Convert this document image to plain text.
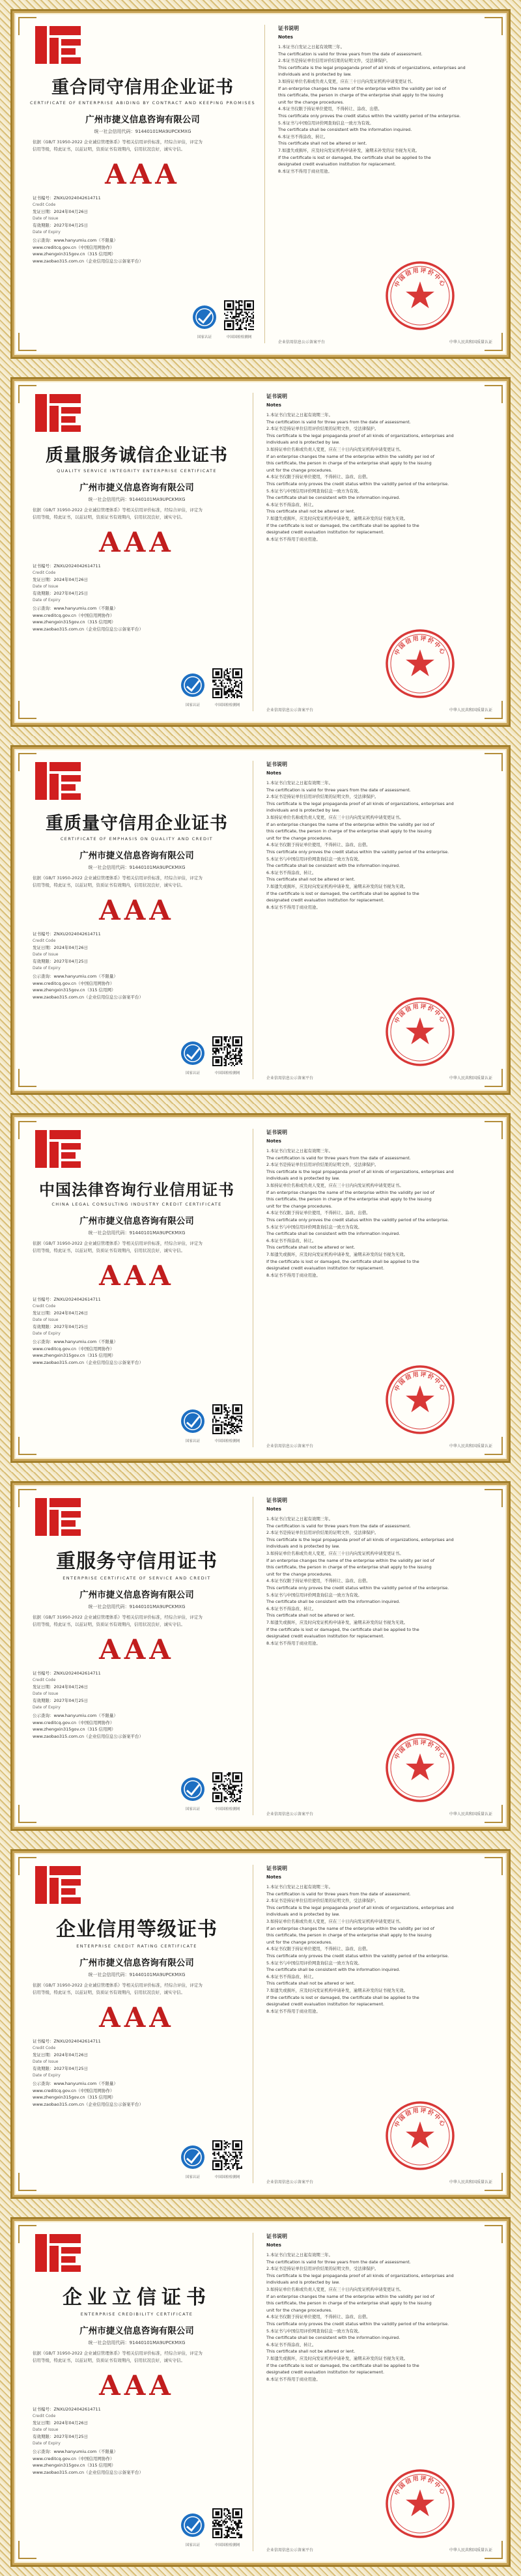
重合同守信用企业证书
CERTIFICATE OF ENTERPRISE ABIDING BY CONTRACT AND KEEPING PROMISES
广州市捷义信息咨询有限公司
统一社会信用代码：91440101MA9UPCKMXG
依据《GB/T 31950-2022 企业诚信管理体系》等相关信用评价标准，经综合评估，评定为
信用等级，特此证书，以兹证明，资质证书有效期内，信用状况良好，诚实守信。
AAA
证书编号：ZNXU2024042614711
Credit Code
发证日期：2024年04月26日
Date of Issue
有效期限：2027年04月25日
Date of Expiry
公示查询：www.hanyumiu.com（不限量）
www.creditcq.gov.cn（中国信用网协作）
www.zhengxin315gov.cn（315 信用网）
www.zaobao315.com.cn（企业信用信息公示备案平台）
国家认证	中国国检检测网
证书说明
Notes
1.本证书自发证之日起有效期三年。
The certification is valid for three years from the date of assessment.
2.本证书是持证单位信用评价结果的证明文件，受法律保护。
This certificate is the legal propaganda proof of all kinds of organizations, enterprises and
individuals and is protected by law.
3.如持证单位名称或负责人变更，应在三十日内向发证机构申请变更证书。
If an enterprise changes the name of the enterprise within the validity per iod of
this certificate, the person in charge of the enterprise shall apply to the issuing
unit for the change procedures.
4.本证书仅限于持证单位使用，不得转让、涂改、出借。
This certificate only proves the credit status within the validity period of the enterprise.
5.本证书与中国信用评价网查询信息一致方为有效。
The certificate shall be consistent with the information inquired.
6.本证书不得涂改、转让。
This certificate shall not be altered or lent.
7.如遗失或损坏，应及时向发证机构申请补发，逾期未补发的证书视为无效。
If the certificate is lost or damaged, the certificate shall be applied to the
designated credit evaluation institution for replacement.
8.本证书不得用于商业用途。
中国信用评价中心
企业信用信息公示备案平台	中华人民共和国质量认证
质量服务诚信企业证书
QUALITY SERVICE INTEGRITY ENTERPRISE CERTIFICATE
广州市捷义信息咨询有限公司
统一社会信用代码：91440101MA9UPCKMXG
依据《GB/T 31950-2022 企业诚信管理体系》等相关信用评价标准，经综合评估，评定为
信用等级，特此证书，以兹证明，资质证书有效期内，信用状况良好，诚实守信。
AAA
证书编号：ZNXU2024042614711
Credit Code
发证日期：2024年04月26日
Date of Issue
有效期限：2027年04月25日
Date of Expiry
公示查询：www.hanyumiu.com（不限量）
www.creditcq.gov.cn（中国信用网协作）
www.zhengxin315gov.cn（315 信用网）
www.zaobao315.com.cn（企业信用信息公示备案平台）
国家认证	中国国检检测网
证书说明
Notes
1.本证书自发证之日起有效期三年。
The certification is valid for three years from the date of assessment.
2.本证书是持证单位信用评价结果的证明文件，受法律保护。
This certificate is the legal propaganda proof of all kinds of organizations, enterprises and
individuals and is protected by law.
3.如持证单位名称或负责人变更，应在三十日内向发证机构申请变更证书。
If an enterprise changes the name of the enterprise within the validity per iod of
this certificate, the person in charge of the enterprise shall apply to the issuing
unit for the change procedures.
4.本证书仅限于持证单位使用，不得转让、涂改、出借。
This certificate only proves the credit status within the validity period of the enterprise.
5.本证书与中国信用评价网查询信息一致方为有效。
The certificate shall be consistent with the information inquired.
6.本证书不得涂改、转让。
This certificate shall not be altered or lent.
7.如遗失或损坏，应及时向发证机构申请补发，逾期未补发的证书视为无效。
If the certificate is lost or damaged, the certificate shall be applied to the
designated credit evaluation institution for replacement.
8.本证书不得用于商业用途。
中国信用评价中心
企业信用信息公示备案平台	中华人民共和国质量认证
重质量守信用企业证书
CERTIFICATE OF EMPHASIS ON QUALITY AND CREDIT
广州市捷义信息咨询有限公司
统一社会信用代码：91440101MA9UPCKMXG
依据《GB/T 31950-2022 企业诚信管理体系》等相关信用评价标准，经综合评估，评定为
信用等级，特此证书，以兹证明，资质证书有效期内，信用状况良好，诚实守信。
AAA
证书编号：ZNXU2024042614711
Credit Code
发证日期：2024年04月26日
Date of Issue
有效期限：2027年04月25日
Date of Expiry
公示查询：www.hanyumiu.com（不限量）
www.creditcq.gov.cn（中国信用网协作）
www.zhengxin315gov.cn（315 信用网）
www.zaobao315.com.cn（企业信用信息公示备案平台）
国家认证	中国国检检测网
证书说明
Notes
1.本证书自发证之日起有效期三年。
The certification is valid for three years from the date of assessment.
2.本证书是持证单位信用评价结果的证明文件，受法律保护。
This certificate is the legal propaganda proof of all kinds of organizations, enterprises and
individuals and is protected by law.
3.如持证单位名称或负责人变更，应在三十日内向发证机构申请变更证书。
If an enterprise changes the name of the enterprise within the validity per iod of
this certificate, the person in charge of the enterprise shall apply to the issuing
unit for the change procedures.
4.本证书仅限于持证单位使用，不得转让、涂改、出借。
This certificate only proves the credit status within the validity period of the enterprise.
5.本证书与中国信用评价网查询信息一致方为有效。
The certificate shall be consistent with the information inquired.
6.本证书不得涂改、转让。
This certificate shall not be altered or lent.
7.如遗失或损坏，应及时向发证机构申请补发，逾期未补发的证书视为无效。
If the certificate is lost or damaged, the certificate shall be applied to the
designated credit evaluation institution for replacement.
8.本证书不得用于商业用途。
中国信用评价中心
企业信用信息公示备案平台	中华人民共和国质量认证
中国法律咨询行业信用证书
CHINA LEGAL CONSULTING INDUSTRY CREDIT CERTIFICATE
广州市捷义信息咨询有限公司
统一社会信用代码：91440101MA9UPCKMXG
依据《GB/T 31950-2022 企业诚信管理体系》等相关信用评价标准，经综合评估，评定为
信用等级，特此证书，以兹证明，资质证书有效期内，信用状况良好，诚实守信。
AAA
证书编号：ZNXU2024042614711
Credit Code
发证日期：2024年04月26日
Date of Issue
有效期限：2027年04月25日
Date of Expiry
公示查询：www.hanyumiu.com（不限量）
www.creditcq.gov.cn（中国信用网协作）
www.zhengxin315gov.cn（315 信用网）
www.zaobao315.com.cn（企业信用信息公示备案平台）
国家认证	中国国检检测网
证书说明
Notes
1.本证书自发证之日起有效期三年。
The certification is valid for three years from the date of assessment.
2.本证书是持证单位信用评价结果的证明文件，受法律保护。
This certificate is the legal propaganda proof of all kinds of organizations, enterprises and
individuals and is protected by law.
3.如持证单位名称或负责人变更，应在三十日内向发证机构申请变更证书。
If an enterprise changes the name of the enterprise within the validity per iod of
this certificate, the person in charge of the enterprise shall apply to the issuing
unit for the change procedures.
4.本证书仅限于持证单位使用，不得转让、涂改、出借。
This certificate only proves the credit status within the validity period of the enterprise.
5.本证书与中国信用评价网查询信息一致方为有效。
The certificate shall be consistent with the information inquired.
6.本证书不得涂改、转让。
This certificate shall not be altered or lent.
7.如遗失或损坏，应及时向发证机构申请补发，逾期未补发的证书视为无效。
If the certificate is lost or damaged, the certificate shall be applied to the
designated credit evaluation institution for replacement.
8.本证书不得用于商业用途。
中国信用评价中心
企业信用信息公示备案平台	中华人民共和国质量认证
重服务守信用证书
ENTERPRISE CERTIFICATE OF SERVICE AND CREDIT
广州市捷义信息咨询有限公司
统一社会信用代码：91440101MA9UPCKMXG
依据《GB/T 31950-2022 企业诚信管理体系》等相关信用评价标准，经综合评估，评定为
信用等级，特此证书，以兹证明，资质证书有效期内，信用状况良好，诚实守信。
AAA
证书编号：ZNXU2024042614711
Credit Code
发证日期：2024年04月26日
Date of Issue
有效期限：2027年04月25日
Date of Expiry
公示查询：www.hanyumiu.com（不限量）
www.creditcq.gov.cn（中国信用网协作）
www.zhengxin315gov.cn（315 信用网）
www.zaobao315.com.cn（企业信用信息公示备案平台）
国家认证	中国国检检测网
证书说明
Notes
1.本证书自发证之日起有效期三年。
The certification is valid for three years from the date of assessment.
2.本证书是持证单位信用评价结果的证明文件，受法律保护。
This certificate is the legal propaganda proof of all kinds of organizations, enterprises and
individuals and is protected by law.
3.如持证单位名称或负责人变更，应在三十日内向发证机构申请变更证书。
If an enterprise changes the name of the enterprise within the validity per iod of
this certificate, the person in charge of the enterprise shall apply to the issuing
unit for the change procedures.
4.本证书仅限于持证单位使用，不得转让、涂改、出借。
This certificate only proves the credit status within the validity period of the enterprise.
5.本证书与中国信用评价网查询信息一致方为有效。
The certificate shall be consistent with the information inquired.
6.本证书不得涂改、转让。
This certificate shall not be altered or lent.
7.如遗失或损坏，应及时向发证机构申请补发，逾期未补发的证书视为无效。
If the certificate is lost or damaged, the certificate shall be applied to the
designated credit evaluation institution for replacement.
8.本证书不得用于商业用途。
中国信用评价中心
企业信用信息公示备案平台	中华人民共和国质量认证
企业信用等级证书
ENTERPRISE CREDIT RATING CERTIFICATE
广州市捷义信息咨询有限公司
统一社会信用代码：91440101MA9UPCKMXG
依据《GB/T 31950-2022 企业诚信管理体系》等相关信用评价标准，经综合评估，评定为
信用等级，特此证书，以兹证明，资质证书有效期内，信用状况良好，诚实守信。
AAA
证书编号：ZNXU2024042614711
Credit Code
发证日期：2024年04月26日
Date of Issue
有效期限：2027年04月25日
Date of Expiry
公示查询：www.hanyumiu.com（不限量）
www.creditcq.gov.cn（中国信用网协作）
www.zhengxin315gov.cn（315 信用网）
www.zaobao315.com.cn（企业信用信息公示备案平台）
国家认证	中国国检检测网
证书说明
Notes
1.本证书自发证之日起有效期三年。
The certification is valid for three years from the date of assessment.
2.本证书是持证单位信用评价结果的证明文件，受法律保护。
This certificate is the legal propaganda proof of all kinds of organizations, enterprises and
individuals and is protected by law.
3.如持证单位名称或负责人变更，应在三十日内向发证机构申请变更证书。
If an enterprise changes the name of the enterprise within the validity per iod of
this certificate, the person in charge of the enterprise shall apply to the issuing
unit for the change procedures.
4.本证书仅限于持证单位使用，不得转让、涂改、出借。
This certificate only proves the credit status within the validity period of the enterprise.
5.本证书与中国信用评价网查询信息一致方为有效。
The certificate shall be consistent with the information inquired.
6.本证书不得涂改、转让。
This certificate shall not be altered or lent.
7.如遗失或损坏，应及时向发证机构申请补发，逾期未补发的证书视为无效。
If the certificate is lost or damaged, the certificate shall be applied to the
designated credit evaluation institution for replacement.
8.本证书不得用于商业用途。
中国信用评价中心
企业信用信息公示备案平台	中华人民共和国质量认证
企业立信证书
ENTERPRISE CREDIBILITY CERTIFICATE
广州市捷义信息咨询有限公司
统一社会信用代码：91440101MA9UPCKMXG
依据《GB/T 31950-2022 企业诚信管理体系》等相关信用评价标准，经综合评估，评定为
信用等级，特此证书，以兹证明，资质证书有效期内，信用状况良好，诚实守信。
AAA
证书编号：ZNXU2024042614711
Credit Code
发证日期：2024年04月26日
Date of Issue
有效期限：2027年04月25日
Date of Expiry
公示查询：www.hanyumiu.com（不限量）
www.creditcq.gov.cn（中国信用网协作）
www.zhengxin315gov.cn（315 信用网）
www.zaobao315.com.cn（企业信用信息公示备案平台）
国家认证	中国国检检测网
证书说明
Notes
1.本证书自发证之日起有效期三年。
The certification is valid for three years from the date of assessment.
2.本证书是持证单位信用评价结果的证明文件，受法律保护。
This certificate is the legal propaganda proof of all kinds of organizations, enterprises and
individuals and is protected by law.
3.如持证单位名称或负责人变更，应在三十日内向发证机构申请变更证书。
If an enterprise changes the name of the enterprise within the validity per iod of
this certificate, the person in charge of the enterprise shall apply to the issuing
unit for the change procedures.
4.本证书仅限于持证单位使用，不得转让、涂改、出借。
This certificate only proves the credit status within the validity period of the enterprise.
5.本证书与中国信用评价网查询信息一致方为有效。
The certificate shall be consistent with the information inquired.
6.本证书不得涂改、转让。
This certificate shall not be altered or lent.
7.如遗失或损坏，应及时向发证机构申请补发，逾期未补发的证书视为无效。
If the certificate is lost or damaged, the certificate shall be applied to the
designated credit evaluation institution for replacement.
8.本证书不得用于商业用途。
中国信用评价中心
企业信用信息公示备案平台	中华人民共和国质量认证
